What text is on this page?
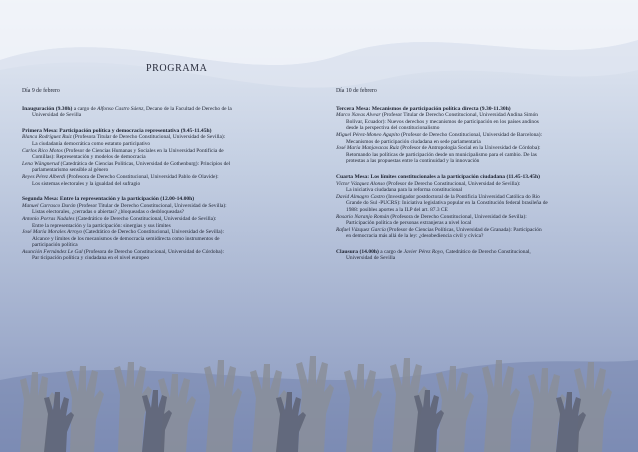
PROGRAMA
Día 9 de febrero
Inauguración (9.30h) a cargo de Alfonso Castro Sáenz, Decano de la Facultad de Derecho de la
Universidad de Sevilla
Primera Mesa: Participación política y democracia representativa (9.45-11.45h)
Blanca Rodríguez Ruiz (Profesora Titular de Derecho Constitucional, Universidad de Sevilla):
La ciudadanía democrática como estatuto participativo
Carlos Rico Motos (Profesor de Ciencias Humanas y Sociales en la Universidad Pontificia de
Comillas): Representación y modelos de democracia
Lena Wängnerud (Catedrática de Ciencias Políticas, Universidad de Gothenburg): Principios del
parlamentarismo sensible al género
Reyes Pérez Alberdi (Profesora de Derecho Constitucional, Universidad Pablo de Olavide):
Los sistemas electorales y la igualdad del sufragio
Segunda Mesa: Entre la representación y la participación (12.00-14.00h)
Manuel Carrasco Durán (Profesor Titular de Derecho Constitucional, Universidad de Sevilla):
Listas electorales, ¿cerradas o abiertas? ¿bloqueadas o desbloqueadas?
Antonio Porras Nadales (Catedrático de Derecho Constitucional, Universidad de Sevilla):
Entre la representación y la participación: sinergias y sus límites
José María Morales Arroyo (Catedrático de Derecho Constitucional, Universidad de Sevilla):
Alcance y límites de los mecanismos de democracia semidirecta como instrumentos de
participación política
Asunción Fernández Le Gal (Profesora de Derecho Constitucional, Universidad de Córdoba):
Par ticipación política y ciudadana en el nivel europeo
Día 10 de febrero
Tercera Mesa: Mecanismos de participación política directa (9.30-11.30h)
Marco Navas Alvear (Profesor Titular de Derecho Constitucional, Universidad Andina Simón
Bolívar, Ecuador): Nuevos derechos y mecanismos de participación en los países andinos
desde la perspectiva del constitucionalismo
Miguel Pérez-Moneo Agapito (Profesor de Derecho Constitucional, Universidad de Barcelona):
Mecanismos de participación ciudadana en sede parlamentaria
José María Manjavacas Ruiz (Profesor de Antropología Social en la Universidad de Córdoba):
Retomando las políticas de participación desde un municipalismo para el cambio. De las
protestas a las propuestas entre la continuidad y la innovación
Cuarta Mesa: Los límites constitucionales a la participación ciudadana (11.45-13.45h)
Víctor Vázquez Alonso (Profesor de Derecho Constitucional, Universidad de Sevilla):
La iniciativa ciudadana para la reforma constitucional
David Almagro Castro (Investigador postdoctoral de la Pontificia Universidad Católica do Rio
Grande do Sul -PUCRS): Iniciativa legislativa popular en la Constitución federal brasileña de
1988: posibles aportes a la ILP del art. 87.3 CE
Rosario Naranjo Román (Profesora de Derecho Constitucional, Universidad de Sevilla):
Participación política de personas extranjeras a nivel local
Rafael Vázquez García (Profesor de Ciencias Políticas, Universidad de Granada): Participación
en democracia más allá de la ley: ¿desobediencia civil y cívica?
Clausura (14.00h) a cargo de Javier Pérez Royo, Catedrático de Derecho Constitucional,
Universidad de Sevilla
